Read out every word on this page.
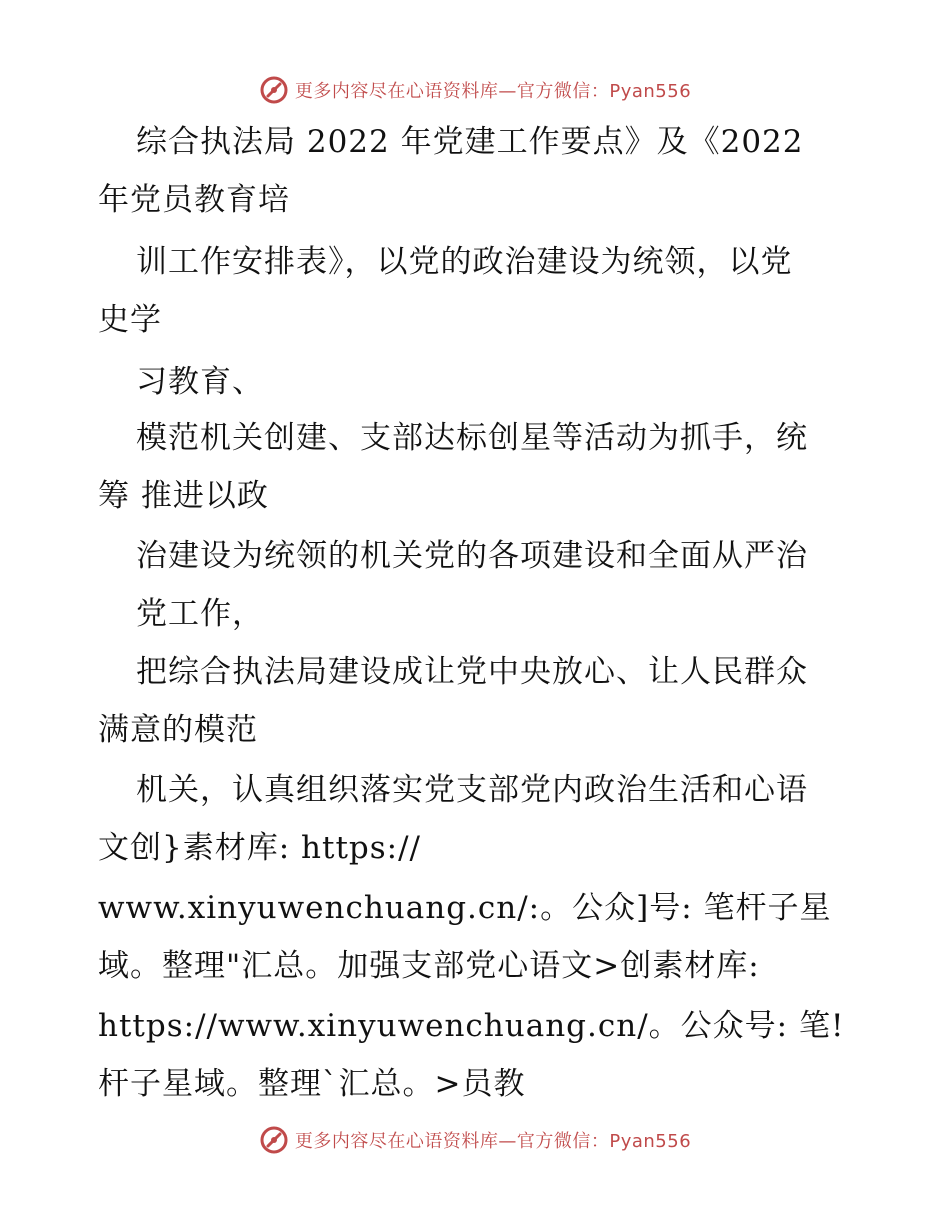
更多内容尽在心语资料库—官方微信：Pyan556
综合执法局 2022 年党建工作要点》及《2022
年党员教育培
训工作安排表》，以党的政治建设为统领，以党
史学
习教育、
模范机关创建、支部达标创星等活动为抓手，统
筹 推进以政
治建设为统领的机关党的各项建设和全面从严治
党工作，
把综合执法局建设成让党中央放心、让人民群众
满意的模范
机关，认真组织落实党支部党内政治生活和心语
文创}素材库: https://
www.xinyuwenchuang.cn/:。公众]号: 笔杆子星
域。整理"汇总。加强支部党心语文>创素材库:
https://www.xinyuwenchuang.cn/。公众号: 笔!
杆子星域。整理`汇总。>员教
更多内容尽在心语资料库—官方微信：Pyan556
